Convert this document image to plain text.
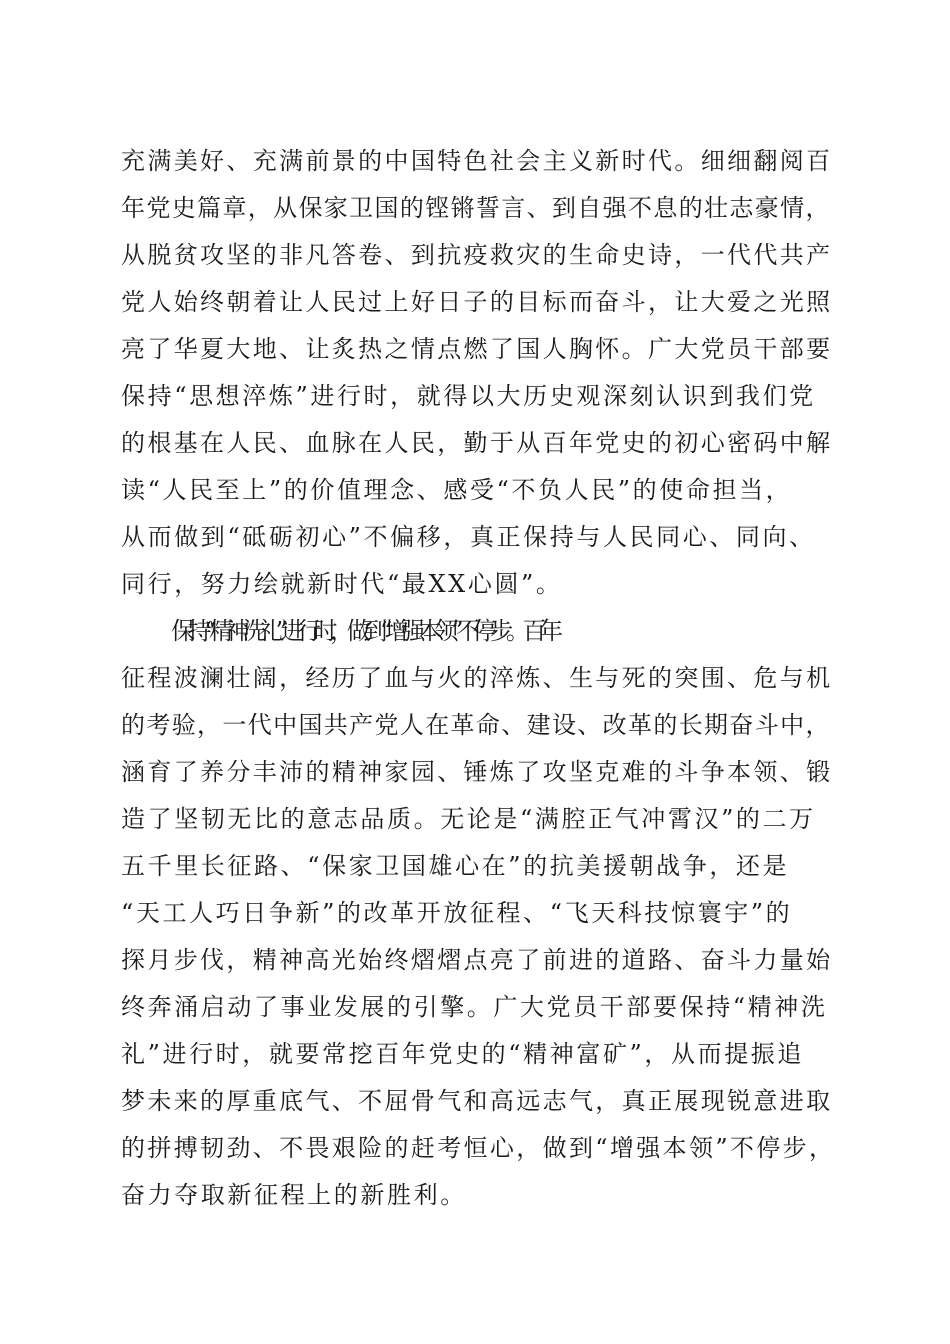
充满美好、充满前景的中国特色社会主义新时代。细细翻阅百
年党史篇章，从保家卫国的铿锵誓言、到自强不息的壮志豪情，
从脱贫攻坚的非凡答卷、到抗疫救灾的生命史诗，一代代共产
党人始终朝着让人民过上好日子的目标而奋斗，让大爱之光照
亮了华夏大地、让炙热之情点燃了国人胸怀。广大党员干部要
保持“思想淬炼”进行时，就得以大历史观深刻认识到我们党
的根基在人民、血脉在人民，勤于从百年党史的初心密码中解
读“人民至上”的价值理念、感受“不负人民”的使命担当，
从而做到“砥砺初心”不偏移，真正保持与人民同心、同向、
同行，努力绘就新时代“最XX心圆”。
保持“精神洗礼”进行时，做到“增强本领”不停步。百年
征程波澜壮阔，经历了血与火的淬炼、生与死的突围、危与机
的考验，一代中国共产党人在革命、建设、改革的长期奋斗中，
涵育了养分丰沛的精神家园、锤炼了攻坚克难的斗争本领、锻
造了坚韧无比的意志品质。无论是“满腔正气冲霄汉”的二万
五千里长征路、“保家卫国雄心在”的抗美援朝战争，还是
“天工人巧日争新”的改革开放征程、“飞天科技惊寰宇”的
探月步伐，精神高光始终熠熠点亮了前进的道路、奋斗力量始
终奔涌启动了事业发展的引擎。广大党员干部要保持“精神洗
礼”进行时，就要常挖百年党史的“精神富矿”，从而提振追
梦未来的厚重底气、不屈骨气和高远志气，真正展现锐意进取
的拼搏韧劲、不畏艰险的赶考恒心，做到“增强本领”不停步，
奋力夺取新征程上的新胜利。
